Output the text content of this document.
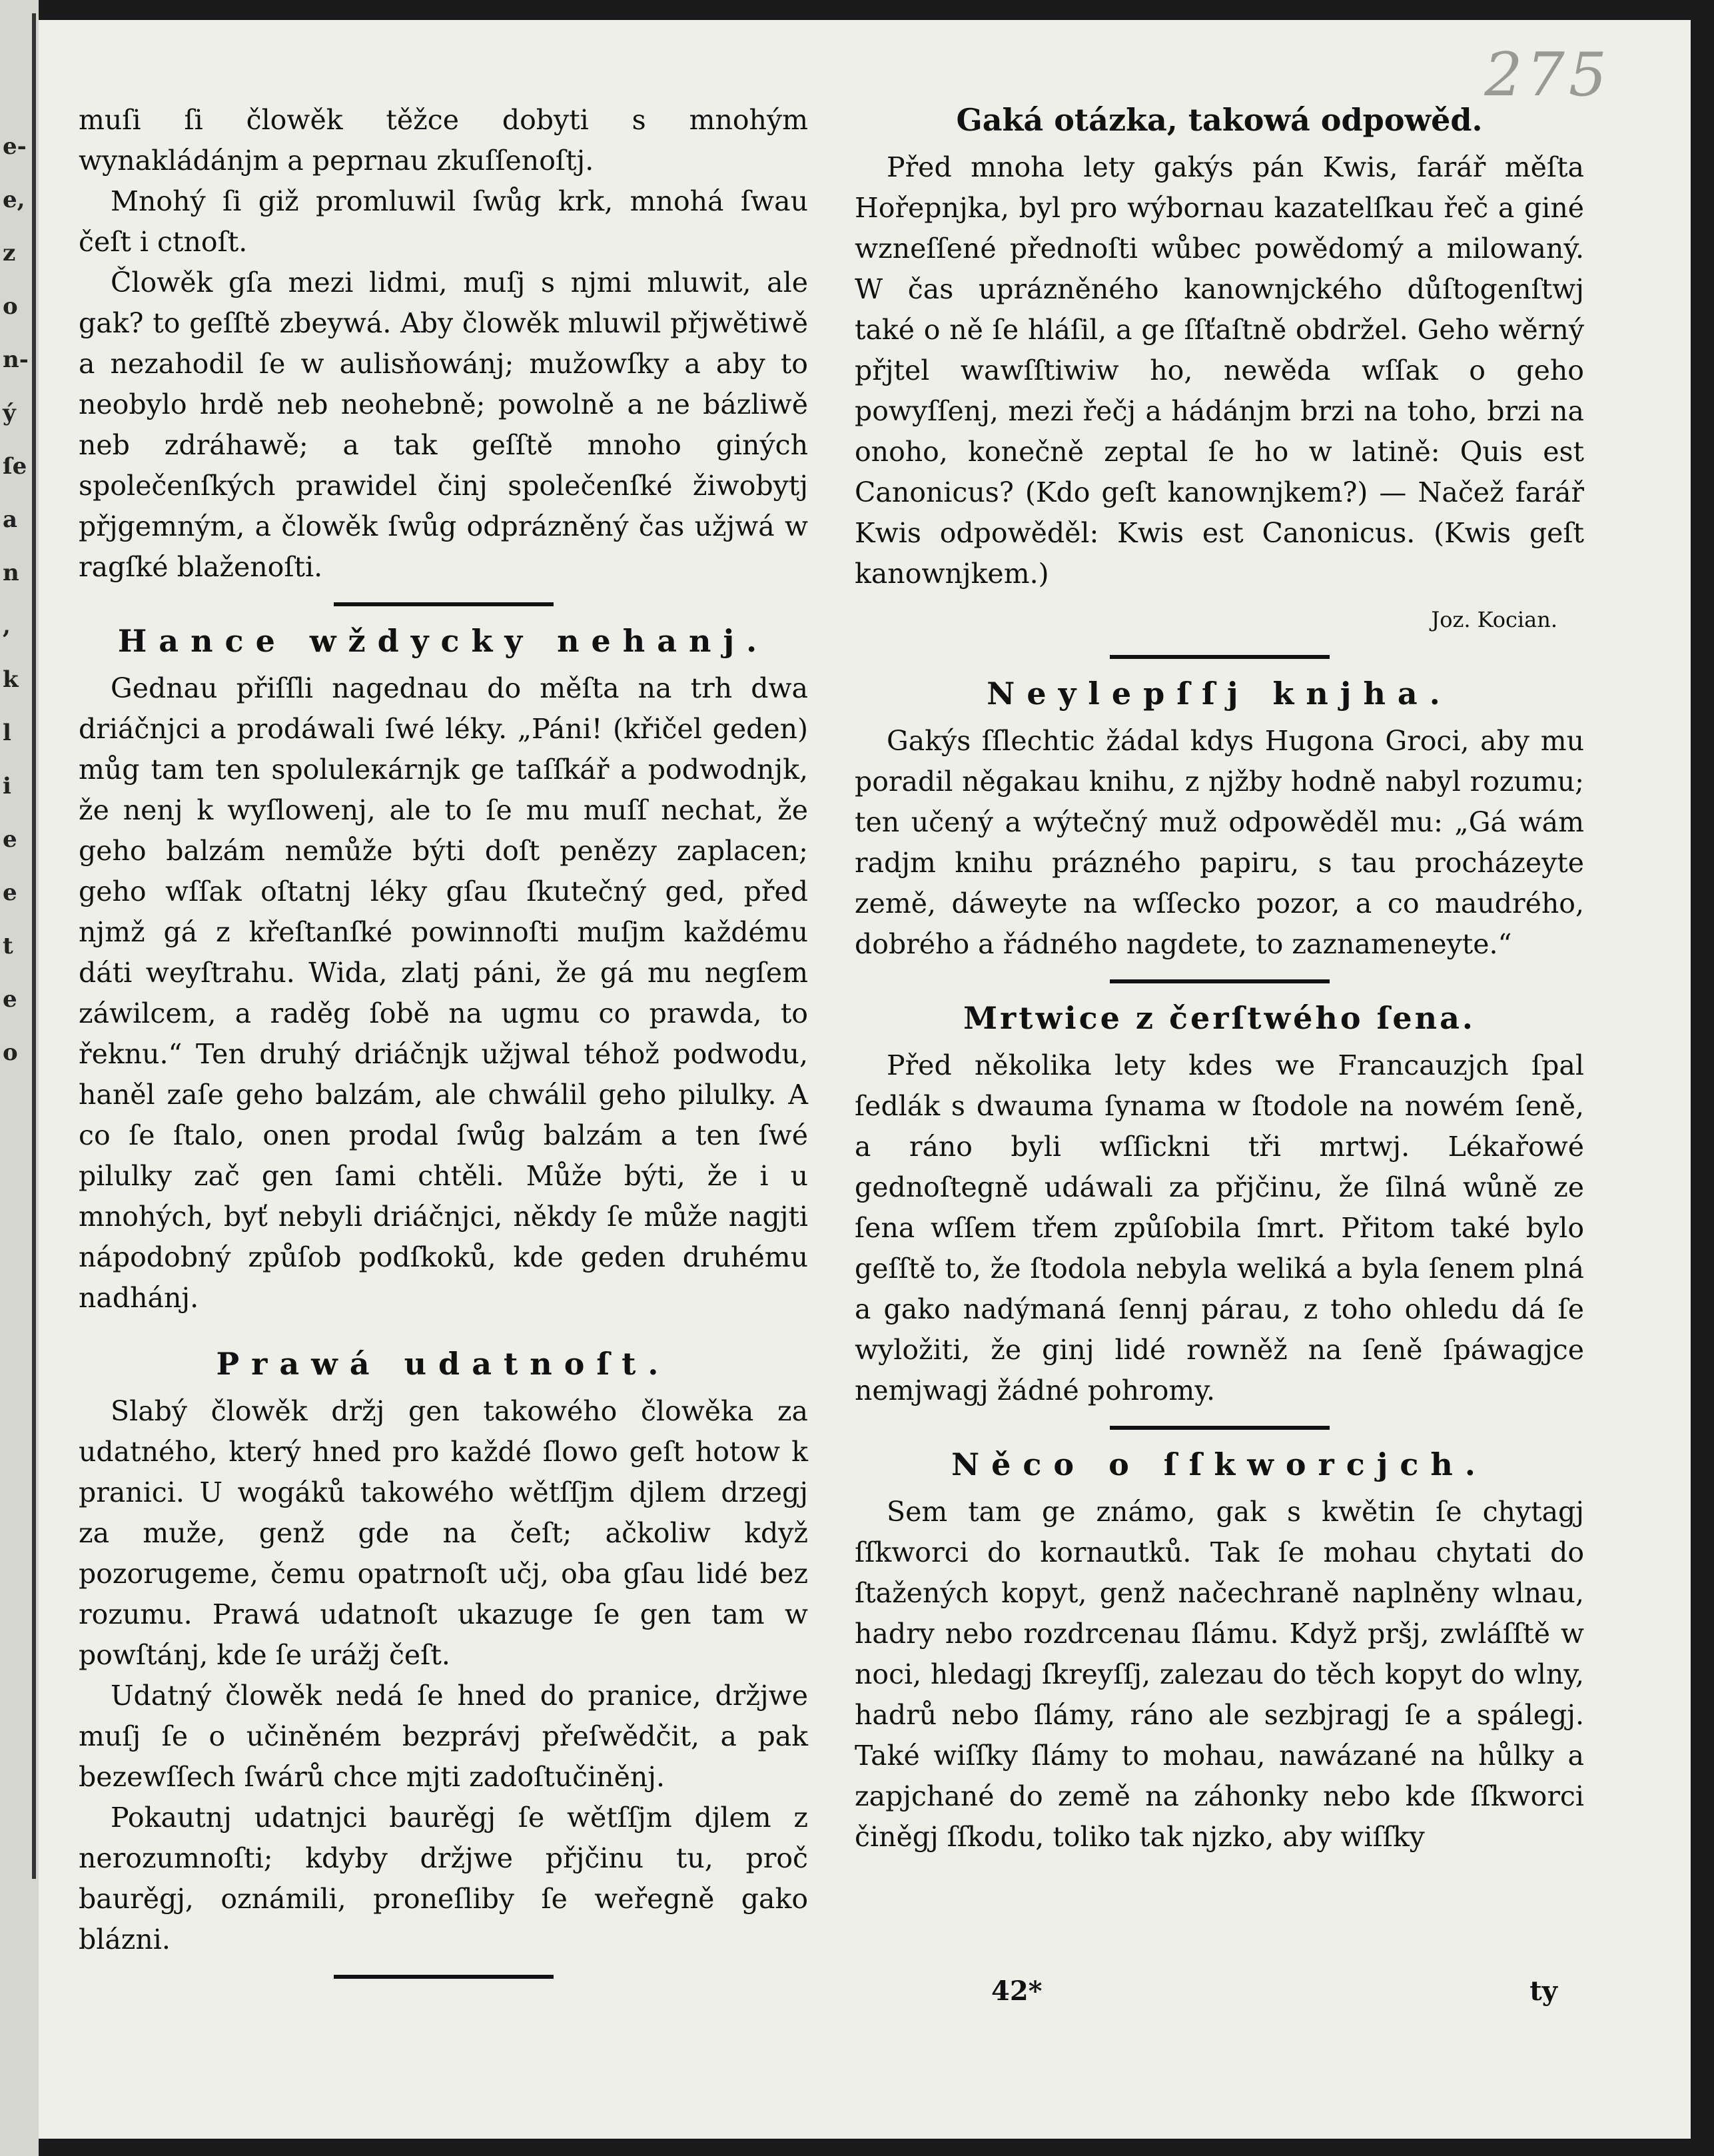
e-
e,
z
o
n-
ý
ſe
a
n
,
k
l
i
e
e
t
e
o
275

muſi ſi člowěk těžce dobyti s mnohým wynakládánjm a peprnau zkuſſenoſtj.

Mnohý ſi giž promluwil ſwůg krk, mnohá ſwau čeſt i ctnoſt.

Člowěk gſa mezi lidmi, muſj s njmi mluwit, ale gak? to geſſtě zbeywá. Aby člowěk mluwil přjwětiwě a nezahodil ſe w aulisňowánj; mužowſky a aby to neobylo hrdě neb neohebně; powolně a ne bázliwě neb zdráhawě; a tak geſſtě mnoho giných společenſkých prawidel činj společenſké žiwobytj přjgemným, a člowěk ſwůg odprázněný čas užjwá w ragſké blaženoſti.

Hance wždycky nehanj.

Gednau přiſſli nagednau do měſta na trh dwa driáčnjci a prodáwali ſwé léky. „Páni! (křičel geden) můg tam ten spoluleкárnjk ge taſſkář a podwodnjk, že nenj k wyſlowenj, ale to ſe mu muſſ nechat, že geho balzám nemůže býti doſt penězy zaplacen; geho wſſak oſtatnj léky gſau ſkutečný ged, před njmž gá z křeſtanſké powinnoſti muſjm každému dáti weyſtrahu. Wida, zlatj páni, že gá mu negſem záwilcem, a raděg ſobě na ugmu co prawda, to řeknu.“ Ten druhý driáčnjk užjwal téhož podwodu, haněl zaſe geho balzám, ale chwálil geho pilulky. A co ſe ſtalo, onen prodal ſwůg balzám a ten ſwé pilulky zač gen ſami chtěli. Může býti, že i u mnohých, byť nebyli driáčnjci, někdy ſe může nagjti nápodobný způſob podſkoků, kde geden druhému nadhánj.

Prawá udatnoſt.

Slabý člowěk držj gen takowého člowěka za udatného, který hned pro každé ſlowo geſt hotow k pranici. U wogáků takowého wětſſjm djlem drzegj za muže, genž gde na čeſt; ačkoliw když pozorugeme, čemu opatrnoſt učj, oba gſau lidé bez rozumu. Prawá udatnoſt ukazuge ſe gen tam w powſtánj, kde ſe urážj čeſt.

Udatný člowěk nedá ſe hned do pranice, držjwe muſj ſe o učiněném bezprávj přeſwědčit, a pak bezewſſech ſwárů chce mjti zadoſtučiněnj.

Pokautnj udatnjci baurěgj ſe wětſſjm djlem z nerozumnoſti; kdyby držjwe přjčinu tu, proč baurěgj, oznámili, proneſliby ſe weřegně gako blázni.

Gaká otázka, takowá odpowěd.

Před mnoha lety gakýs pán Kwis, farář měſta Hořepnjka, byl pro wýbornau kazatelſkau řeč a giné wzneſſené přednoſti wůbec powědomý a milowaný. W čas uprázněného kanownjckého důſtogenſtwj také o ně ſe hláſil, a ge ſſťaſtně obdržel. Geho wěrný přjtel wawſſtiwiw ho, newěda wſſak o geho powyſſenj, mezi řečj a hádánjm brzi na toho, brzi na onoho, konečně zeptal ſe ho w latině: Quis est Canonicus? (Kdo geſt kanownjkem?) — Načež farář Kwis odpowěděl: Kwis est Canonicus. (Kwis geſt kanownjkem.)

Joz. Kocian.
Neylepſſj knjha.

Gakýs ſſlechtic žádal kdys Hugona Groci, aby mu poradil něgakau knihu, z njžby hodně nabyl rozumu; ten učený a wýtečný muž odpowěděl mu: „Gá wám radjm knihu prázného papiru, s tau procházeyte země, dáweyte na wſſecko pozor, a co maudrého, dobrého a řádného nagdete, to zaznameneyte.“

Mrtwice z čerſtwého ſena.

Před několika lety kdes we Francauzjch ſpal ſedlák s dwauma ſynama w ſtodole na nowém ſeně, a ráno byli wſſickni tři mrtwj. Lékařowé gednoſtegně udáwali za přjčinu, že ſilná wůně ze ſena wſſem třem způſobila ſmrt. Přitom také bylo geſſtě to, že ſtodola nebyla weliká a byla ſenem plná a gako nadýmaná ſennj párau, z toho ohledu dá ſe wyložiti, že ginj lidé rowněž na ſeně ſpáwagjce nemjwagj žádné pohromy.

Něco o ſſkworcjch.

Sem tam ge známo, gak s kwětin ſe chytagj ſſkworci do kornautků. Tak ſe mohau chytati do ſtažených kopyt, genž načechraně naplněny wlnau, hadry nebo rozdrcenau ſlámu. Když pršj, zwláſſtě w noci, hledagj ſkreyſſj, zalezau do těch kopyt do wlny, hadrů nebo ſlámy, ráno ale sezbjragj ſe a spálegj. Také wiſſky ſlámy to mohau, nawázané na hůlky a zapjchané do země na záhonky nebo kde ſſkworci činěgj ſſkodu, tolikо tak njzko, aby wiſſky

42*	ty
